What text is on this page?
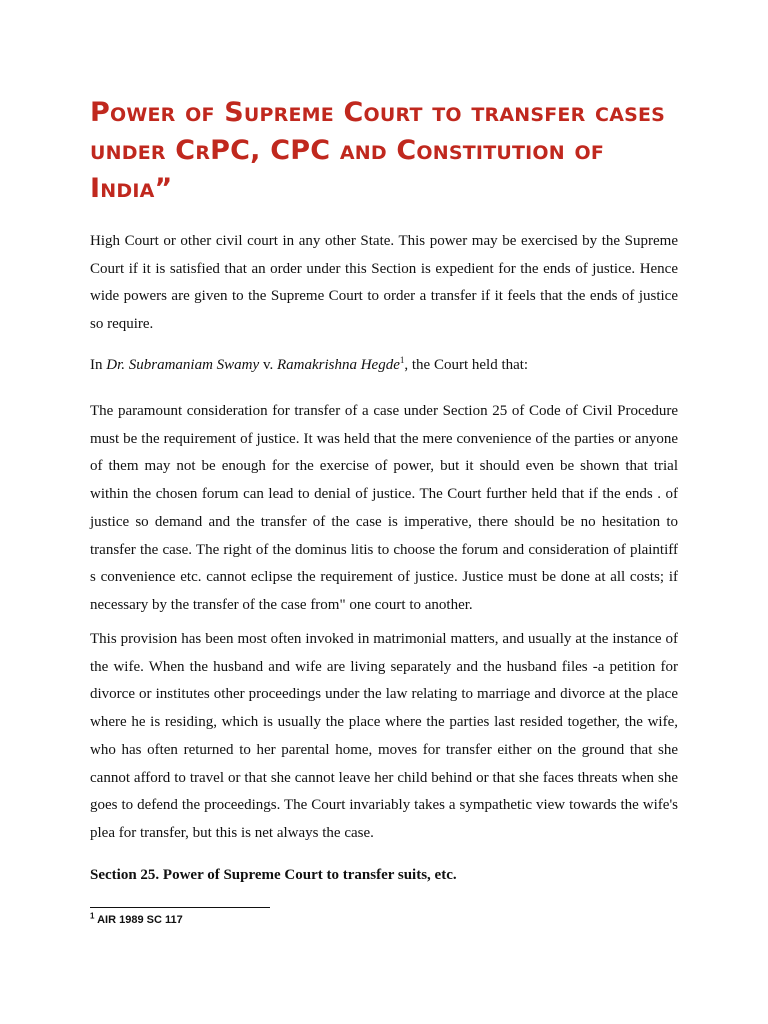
Power of Supreme Court to transfer cases
under CrPC, CPC and Constitution of India”

High Court or other civil court in any other State. This power may be exercised by the Supreme Court if it is satisfied that an order under this Section is expedient for the ends of justice. Hence wide powers are given to the Supreme Court to order a transfer if it feels that the ends of justice so require.

In Dr. Subramaniam Swamy v. Ramakrishna Hegde$^1$, the Court held that:

The paramount consideration for transfer of a case under Section 25 of Code of Civil Procedure must be the requirement of justice. It was held that the mere convenience of the parties or anyone of them may not be enough for the exercise of power, but it should even be shown that trial within the chosen forum can lead to denial of justice. The Court further held that if the ends . of justice so demand and the transfer of the case is imperative, there should be no hesitation to transfer the case. The right of the dominus litis to choose the forum and consideration of plaintiff s convenience etc. cannot eclipse the requirement of justice. Justice must be done at all costs; if necessary by the transfer of the case from" one court to another.

This provision has been most often invoked in matrimonial matters, and usually at the instance of the wife. When the husband and wife are living separately and the husband files -a petition for divorce or institutes other proceedings under the law relating to marriage and divorce at the place where he is residing, which is usually the place where the parties last resided together, the wife, who has often returned to her parental home, moves for transfer either on the ground that she cannot afford to travel or that she cannot leave her child behind or that she faces threats when she goes to defend the proceedings. The Court invariably takes a sympathetic view towards the wife's plea for transfer, but this is net always the case.

Section 25. Power of Supreme Court to transfer suits, etc.

$^1$ AIR 1989 SC 117
